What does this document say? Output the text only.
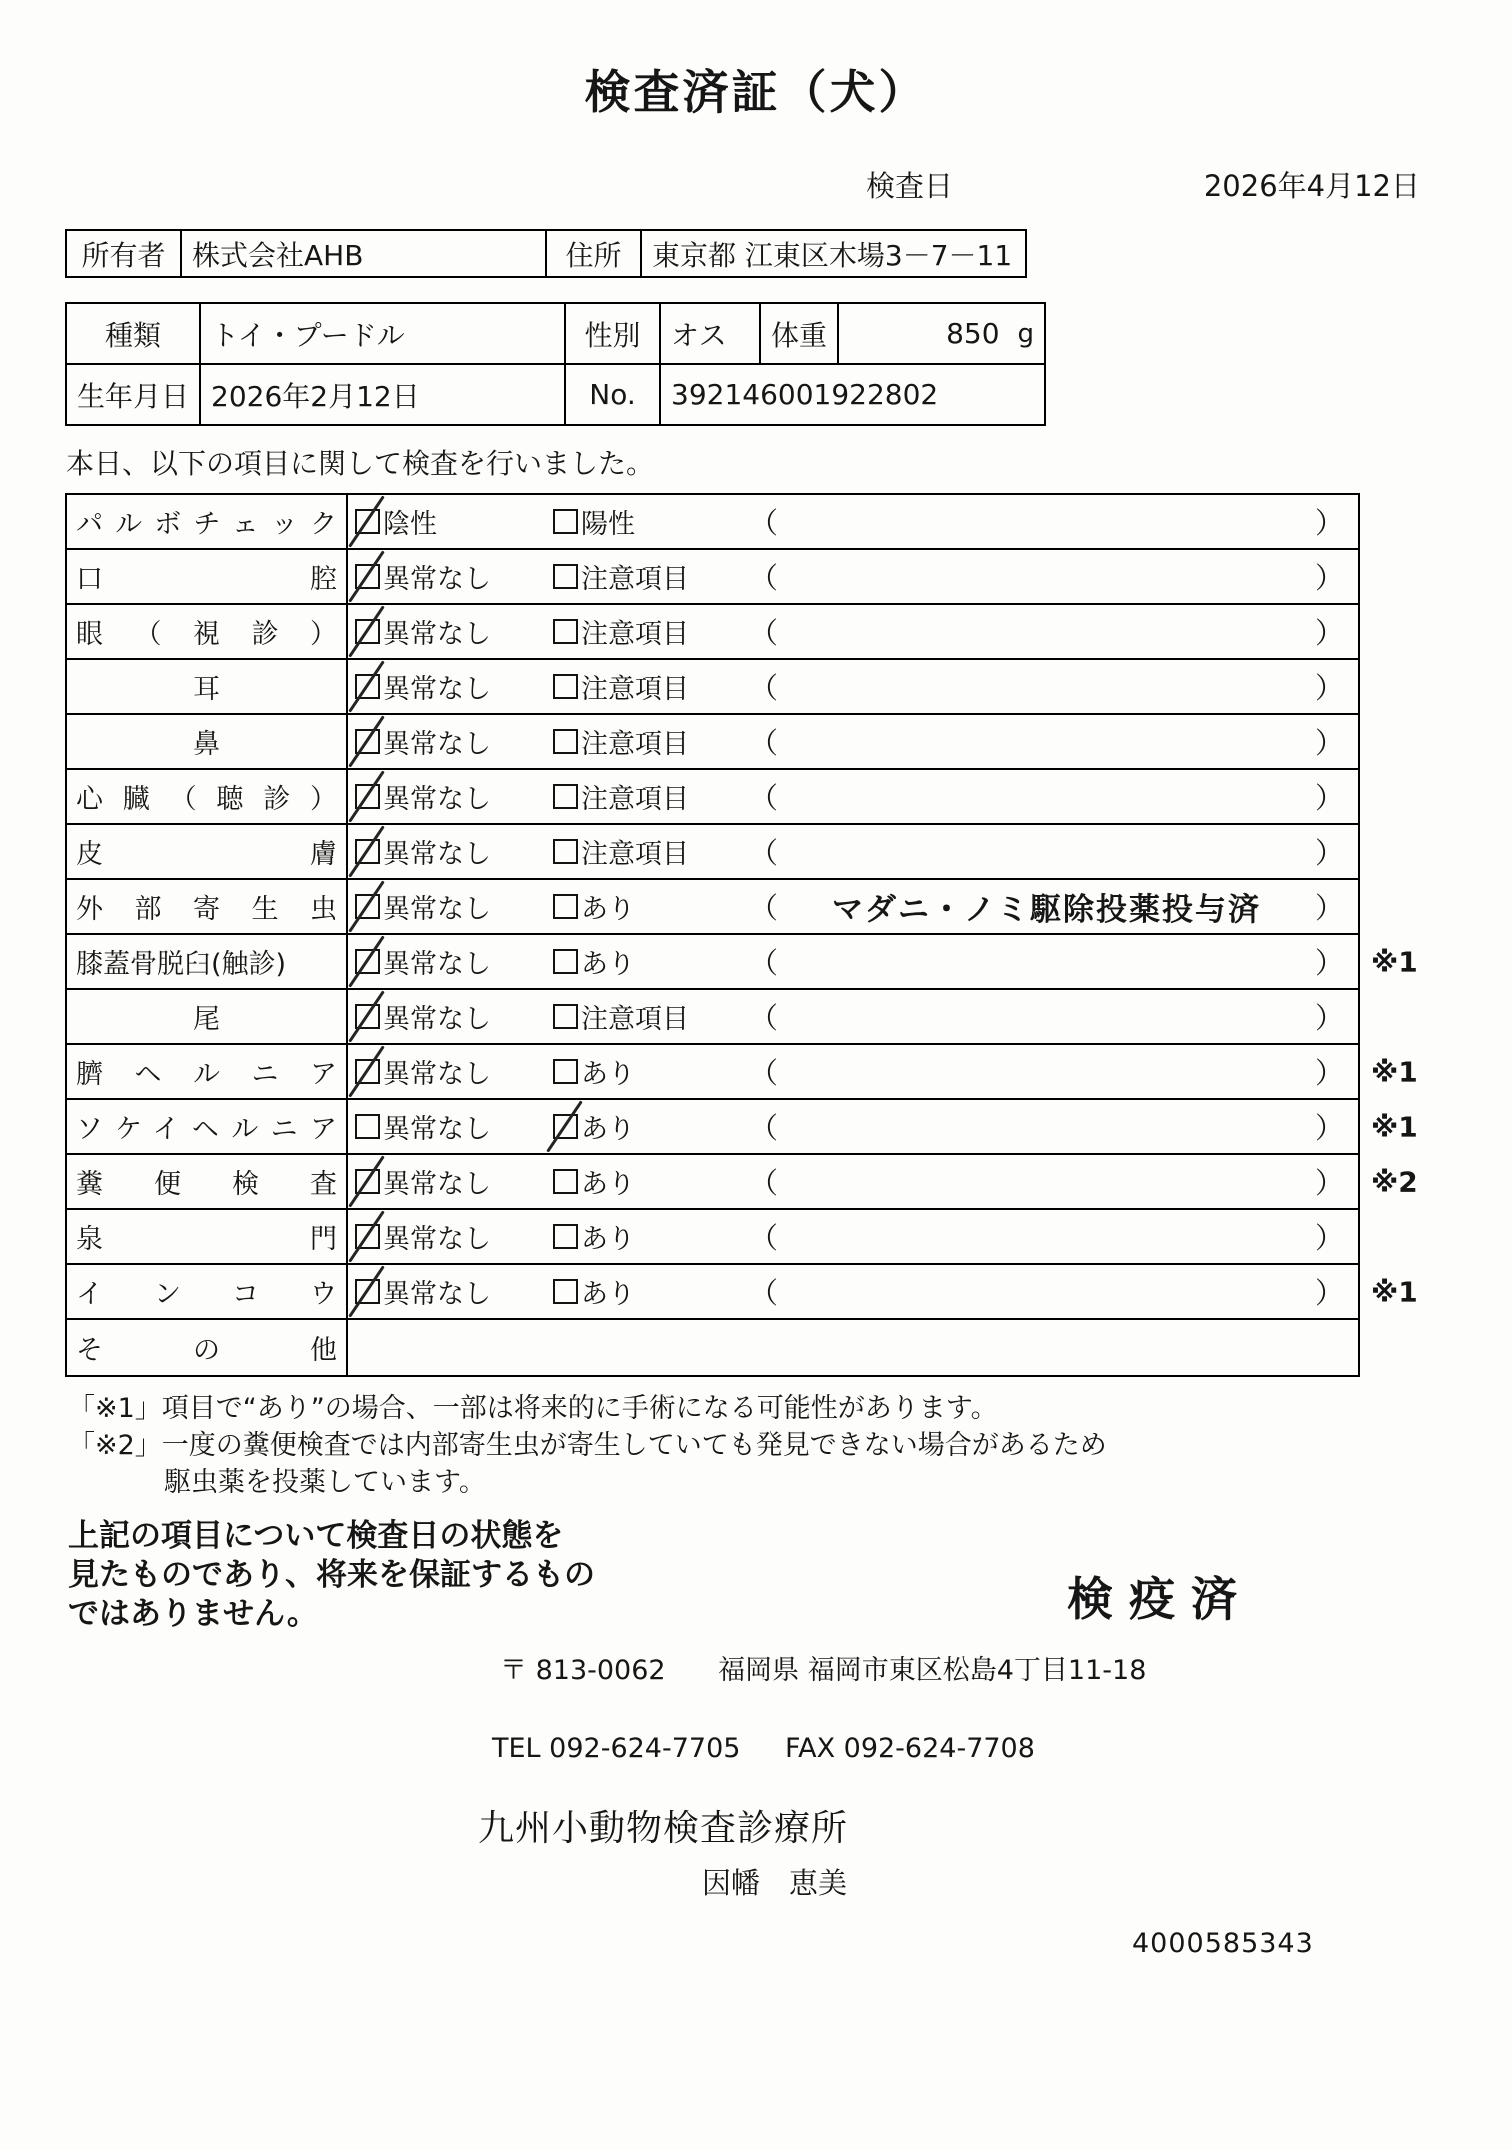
検査済証（犬）
検査日	2026年4月12日
所有者	株式会社AHB	住所	東京都 江東区木場3－7－11
種類	トイ・プードル	性別	オス	体重	850 g

生年月日	2026年2月12日	No.	392146001922802		
本日、以下の項目に関して検査を行いました。
パルボチェック 陰性	陽性	（	）
口腔 異常なし	注意項目 （	）
眼（視診） 異常なし	注意項目 （	）
耳	異常なし	注意項目 （	）
鼻	異常なし	注意項目 （	）
心臓（聴診） 異常なし	注意項目 （	）
皮膚 異常なし	注意項目 （	）
外部寄生虫 異常なし	あり	（	マダニ・ノミ駆除投薬投与済	）
膝蓋骨脱臼(触診)	異常なし	あり	（	） ※1
尾	異常なし	注意項目 （	）
臍ヘルニア 異常なし	あり	（	） ※1
ソケイヘルニア 異常なし	あり	（	） ※1
糞便検査 異常なし	あり	（	） ※2
泉門 異常なし	あり	（	）
インコウ 異常なし	あり	（	） ※1
その他
「※1」項目で“あり”の場合、一部は将来的に手術になる可能性があります。
「※2」一度の糞便検査では内部寄生虫が寄生していても発見できない場合があるため
駆虫薬を投薬しています。

上記の項目について検査日の状態を
見たものであり、将来を保証するもの
ではありません。	検疫済
〒 813-0062 福岡県 福岡市東区松島4丁目11-18
TEL 092-624-7705 FAX 092-624-7708
九州小動物検査診療所
因幡　恵美
4000585343
